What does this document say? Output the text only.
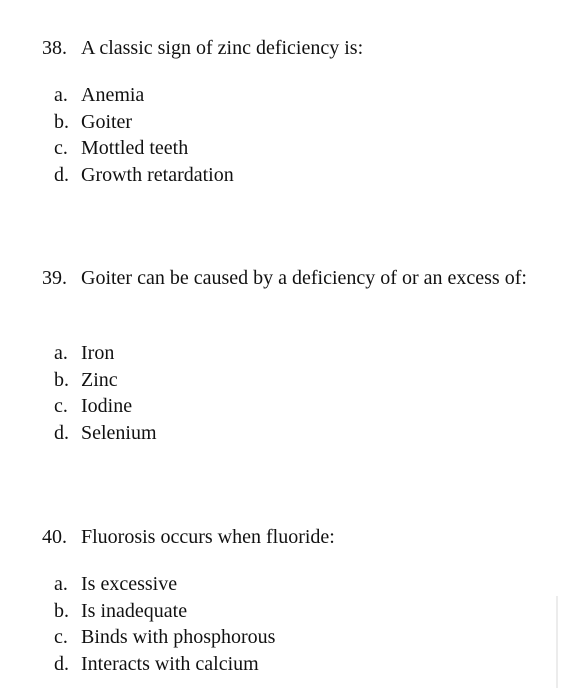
38. A classic sign of zinc deficiency is:
a. Anemia
b. Goiter
c. Mottled teeth
d. Growth retardation
39. Goiter can be caused by a deficiency of or an excess of:
a. Iron
b. Zinc
c. Iodine
d. Selenium
40. Fluorosis occurs when fluoride:
a. Is excessive
b. Is inadequate
c. Binds with phosphorous
d. Interacts with calcium
